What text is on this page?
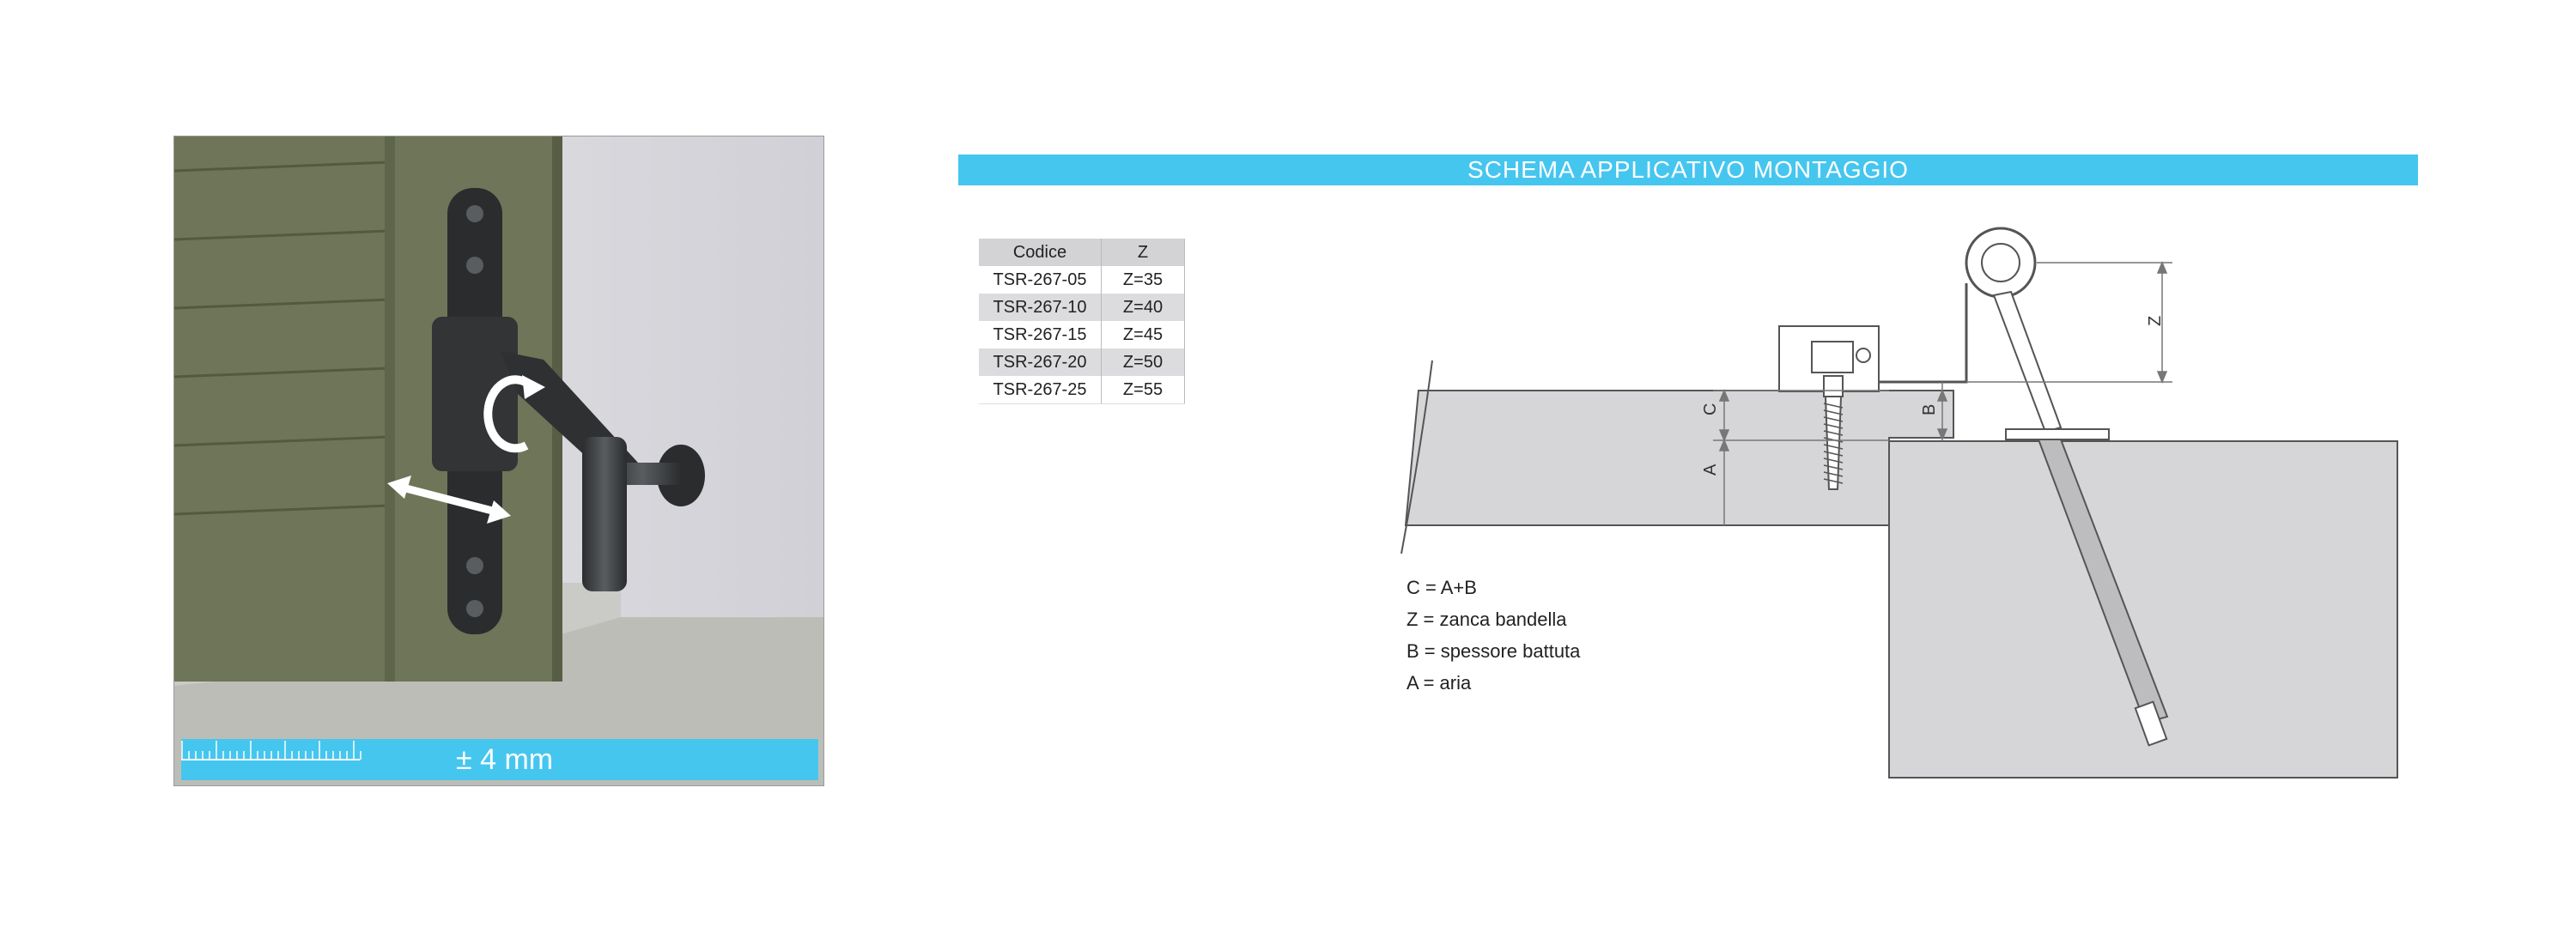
± 4 mm
SCHEMA APPLICATIVO MONTAGGIO
Codice	Z
TSR-267-05	Z=35
TSR-267-10	Z=40
TSR-267-15	Z=45
TSR-267-20	Z=50
TSR-267-25	Z=55
Z
C
A
B
C = A+B
Z = zanca bandella
B = spessore battuta
A = aria
